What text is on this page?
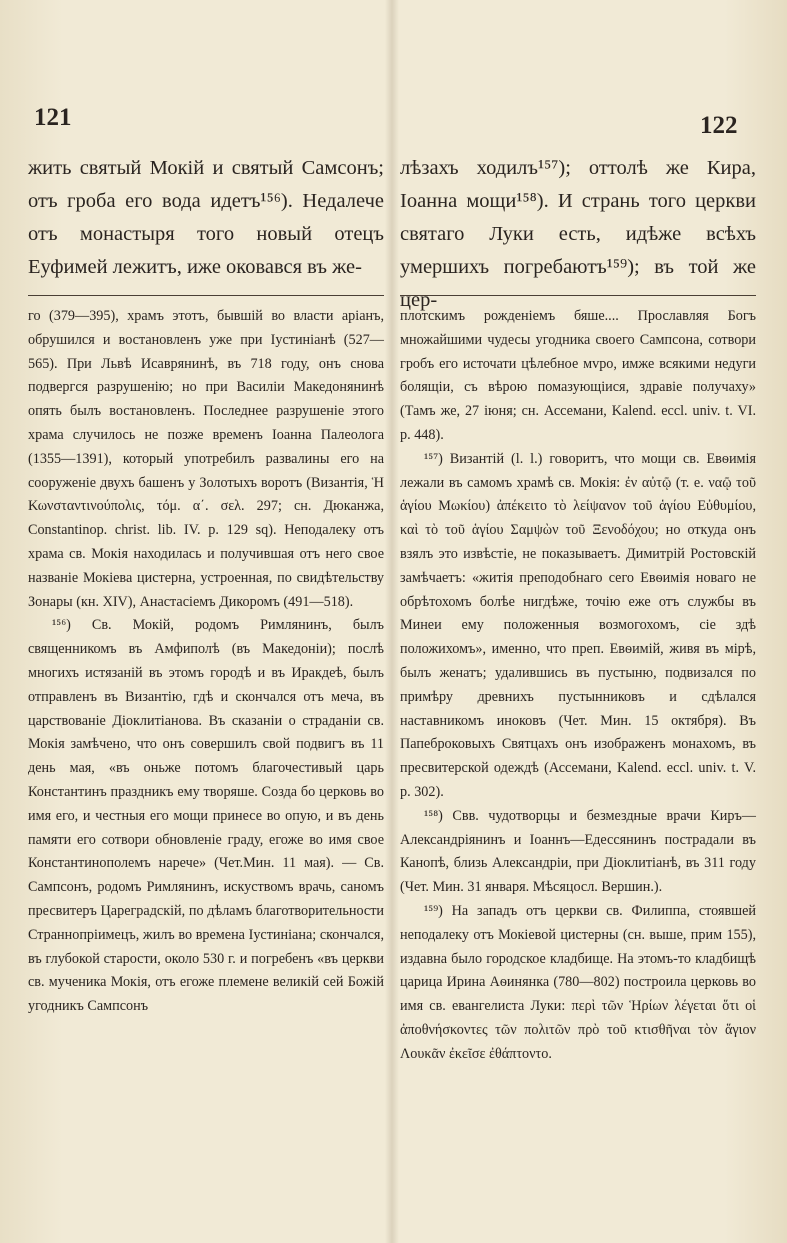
121

жить святый Мокій и святый Самсонъ; отъ гроба его вода идетъ¹⁵⁶). Недалече отъ монастыря того новый отецъ Еуфимей лежитъ, иже оковався въ же-

го (379—395), храмъ этотъ, бывшій во власти аріанъ, обрушился и востановленъ уже при Іустиніанѣ (527—565). При Львѣ Исаврянинѣ, въ 718 году, онъ снова подвергся разрушенію; но при Василіи Македонянинѣ опять былъ востановленъ. Последнее разрушеніе этого храма случилось не позже временъ Іоанна Палеолога (1355—1391), который употребилъ развалины его на сооруженіе двухъ башенъ у Золотыхъ воротъ (Византія, Ἡ Κωνσταντινούπολις, τόμ. α΄. σελ. 297; сн. Дюканжа, Constantinop. christ. lib. IV. p. 129 sq). Неподалеку отъ храма св. Мокія находилась и получившая отъ него свое названіе Мокіева цистерна, устроенная, по свидѣтельству Зонары (кн. XIV), Анастасіемъ Дикоромъ (491—518).

¹⁵⁶) Св. Мокій, родомъ Римлянинъ, былъ священникомъ въ Амфиполѣ (въ Македоніи); послѣ многихъ истязаній въ этомъ городѣ и въ Иракдеѣ, былъ отправленъ въ Византію, гдѣ и скончался отъ меча, въ царствованіе Діоклитіанова. Въ сказаніи о страданіи св. Мокія замѣчено, что онъ совершилъ свой подвигъ въ 11 день мая, «въ оньже потомъ благочестивый царь Константинъ праздникъ ему творяше. Созда бо церковь во имя его, и честныя его мощи принесе во опую, и въ день памяти его сотвори обновленіе граду, егоже во имя свое Константинополемъ нарече» (Чет.Мин. 11 мая). — Св. Сампсонъ, родомъ Римлянинъ, искуствомъ врачь, саномъ пресвитеръ Цареградскій, по дѣламъ благотворительности Страннопріимецъ, жилъ во времена Іустиніана; скончался, въ глубокой старости, около 530 г. и погребенъ «въ церкви св. мученика Мокія, отъ егоже племене великій сей Божій угодникъ Сампсонъ

122

лѣзахъ ходилъ¹⁵⁷); оттолѣ же Кира, Іоанна мощи¹⁵⁸). И странь того церкви святаго Луки есть, идѣже всѣхъ умершихъ погребаютъ¹⁵⁹); въ той же цер-

плотскимъ рожденіемъ бяше.... Прославляя Богъ множайшими чудесы угодника своего Сампсона, сотвори гробъ его источати цѣлебное мvро, имже всякими недуги болящіи, съ вѣрою помазующіися, здравіе получаху» (Тамъ же, 27 іюня; сн. Ассемани, Kalend. eccl. univ. t. VI. p. 448).

¹⁵⁷) Византій (l. l.) говоритъ, что мощи св. Евѳимія лежали въ самомъ храмѣ св. Мокія: ἐν αὐτῷ (т. е. ναῷ τοῦ ἁγίου Μωκίου) ἀπέκειτο τὸ λείψανον τοῦ ἁγίου Εὐθυμίου, καὶ τὸ τοῦ ἁγίου Σαμψὼν τοῦ Ξενοδόχου; но откуда онъ взялъ это извѣстіе, не показываетъ. Димитрій Ростовскій замѣчаетъ: «житія преподобнаго сего Евѳимія новаго не обрѣтохомъ болѣе нигдѣже, точію еже отъ службы въ Минеи ему положенныя возмогохомъ, сіе здѣ положихомъ», именно, что преп. Евѳимій, живя въ мірѣ, былъ женатъ; удалившись въ пустыню, подвизался по примѣру древнихъ пустынниковъ и сдѣлался наставникомъ иноковъ (Чет. Мин. 15 октября). Въ Папеброковыхъ Святцахъ онъ изображенъ монахомъ, въ пресвитерской одеждѣ (Ассемани, Kalend. eccl. univ. t. V. p. 302).

¹⁵⁸) Свв. чудотворцы и безмездные врачи Киръ—Александріянинъ и Іоаннъ—Едессянинъ пострадали въ Канопѣ, близь Александріи, при Діоклитіанѣ, въ 311 году (Чет. Мин. 31 января. Мѣсяцосл. Вершин.).

¹⁵⁹) На западъ отъ церкви св. Филиппа, стоявшей неподалеку отъ Мокіевой цистерны (сн. выше, прим 155), издавна было городское кладбище. На этомъ-то кладбищѣ царица Ирина Аѳинянка (780—802) построила церковь во имя св. евангелиста Луки: περὶ τῶν Ἡρίων λέγεται ὅτι οἱ ἀποθνήσκοντες τῶν πολιτῶν πρὸ τοῦ κτισθῆναι τὸν ἅγιον Λουκᾶν ἐκεῖσε ἐθάπτοντο.
